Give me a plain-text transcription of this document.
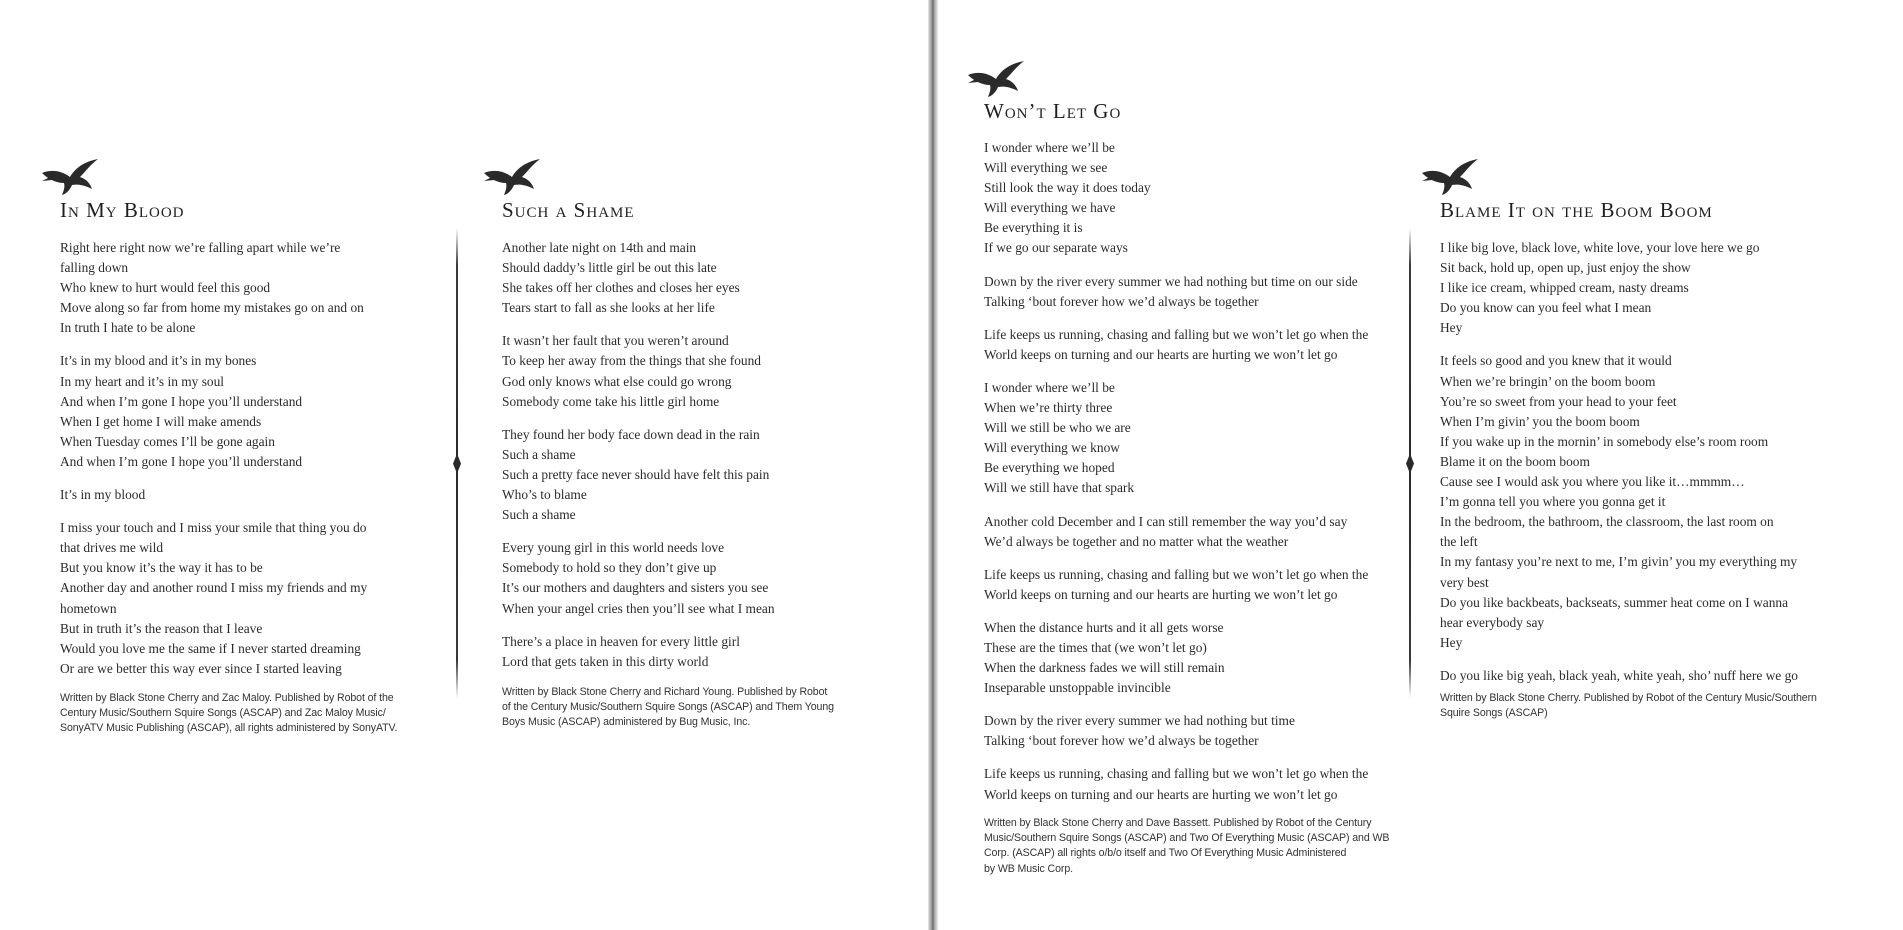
In My Blood
Right here right now we’re falling apart while we’re
falling down
Who knew to hurt would feel this good
Move along so far from home my mistakes go on and on
In truth I hate to be alone
It’s in my blood and it’s in my bones
In my heart and it’s in my soul
And when I’m gone I hope you’ll understand
When I get home I will make amends
When Tuesday comes I’ll be gone again
And when I’m gone I hope you’ll understand
It’s in my blood
I miss your touch and I miss your smile that thing you do
that drives me wild
But you know it’s the way it has to be
Another day and another round I miss my friends and my
hometown
But in truth it’s the reason that I leave
Would you love me the same if I never started dreaming
Or are we better this way ever since I started leaving
Written by Black Stone Cherry and Zac Maloy. Published by Robot of the
Century Music/Southern Squire Songs (ASCAP) and Zac Maloy Music/
SonyATV Music Publishing (ASCAP), all rights administered by SonyATV.
Such a Shame
Another late night on 14th and main
Should daddy’s little girl be out this late
She takes off her clothes and closes her eyes
Tears start to fall as she looks at her life
It wasn’t her fault that you weren’t around
To keep her away from the things that she found
God only knows what else could go wrong
Somebody come take his little girl home
They found her body face down dead in the rain
Such a shame
Such a pretty face never should have felt this pain
Who’s to blame
Such a shame
Every young girl in this world needs love
Somebody to hold so they don’t give up
It’s our mothers and daughters and sisters you see
When your angel cries then you’ll see what I mean
There’s a place in heaven for every little girl
Lord that gets taken in this dirty world
Written by Black Stone Cherry and Richard Young. Published by Robot
of the Century Music/Southern Squire Songs (ASCAP) and Them Young
Boys Music (ASCAP) administered by Bug Music, Inc.
Won’t Let Go
I wonder where we’ll be
Will everything we see
Still look the way it does today
Will everything we have
Be everything it is
If we go our separate ways
Down by the river every summer we had nothing but time on our side
Talking ‘bout forever how we’d always be together
Life keeps us running, chasing and falling but we won’t let go when the
World keeps on turning and our hearts are hurting we won’t let go
I wonder where we’ll be
When we’re thirty three
Will we still be who we are
Will everything we know
Be everything we hoped
Will we still have that spark
Another cold December and I can still remember the way you’d say
We’d always be together and no matter what the weather
Life keeps us running, chasing and falling but we won’t let go when the
World keeps on turning and our hearts are hurting we won’t let go
When the distance hurts and it all gets worse
These are the times that (we won’t let go)
When the darkness fades we will still remain
Inseparable unstoppable invincible
Down by the river every summer we had nothing but time
Talking ‘bout forever how we’d always be together
Life keeps us running, chasing and falling but we won’t let go when the
World keeps on turning and our hearts are hurting we won’t let go
Written by Black Stone Cherry and Dave Bassett. Published by Robot of the Century
Music/Southern Squire Songs (ASCAP) and Two Of Everything Music (ASCAP) and WB
Corp. (ASCAP) all rights o/b/o itself and Two Of Everything Music Administered
by WB Music Corp.
Blame It on the Boom Boom
I like big love, black love, white love, your love here we go
Sit back, hold up, open up, just enjoy the show
I like ice cream, whipped cream, nasty dreams
Do you know can you feel what I mean
Hey
It feels so good and you knew that it would
When we’re bringin’ on the boom boom
You’re so sweet from your head to your feet
When I’m givin’ you the boom boom
If you wake up in the mornin’ in somebody else’s room room
Blame it on the boom boom
Cause see I would ask you where you like it…mmmm…
I’m gonna tell you where you gonna get it
In the bedroom, the bathroom, the classroom, the last room on
the left
In my fantasy you’re next to me, I’m givin’ you my everything my
very best
Do you like backbeats, backseats, summer heat come on I wanna
hear everybody say
Hey
Do you like big yeah, black yeah, white yeah, sho’ nuff here we go
Written by Black Stone Cherry. Published by Robot of the Century Music/Southern
Squire Songs (ASCAP)
